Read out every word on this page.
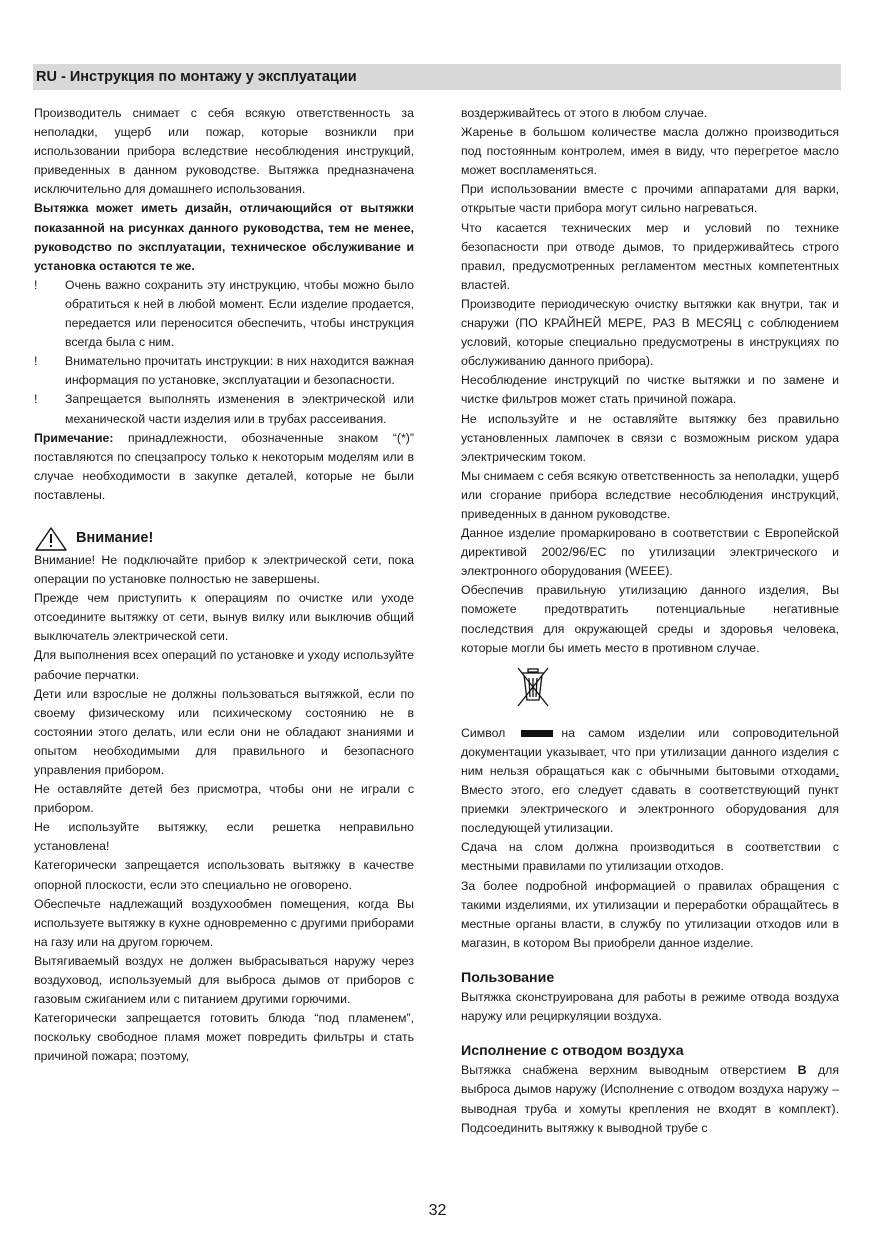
RU - Инструкция по монтажу у эксплуатации

Производитель снимает с себя всякую ответственность за неполадки, ущерб или пожар, которые возникли при использовании прибора вследствие несоблюдения инструкций, приведенных в данном руководстве. Вытяжка предназначена исключительно для домашнего использования.

Вытяжка может иметь дизайн, отличающийся от вытяжки показанной на рисунках данного руководства, тем не менее, руководство по эксплуатации, техническое обслуживание и установка остаются те же.

! Очень важно сохранить эту инструкцию, чтобы можно было обратиться к ней в любой момент. Если изделие продается, передается или переносится обеспечить, чтобы инструкция всегда была с ним.

! Внимательно прочитать инструкции: в них находится важная информация по установке, эксплуатации и безопасности.

! Запрещается выполнять изменения в электрической или механической части изделия или в трубах рассеивания.

Примечание: принадлежности, обозначенные знаком “(*)” поставляются по спецзапросу только к некоторым моделям или в случае необходимости в закупке деталей, которые не были поставлены.

Внимание!

Внимание! Не подключайте прибор к электрической сети, пока операции по установке полностью не завершены.

Прежде чем приступить к операциям по очистке или уходе отсоедините вытяжку от сети, вынув вилку или выключив общий выключатель электрической сети.

Для выполнения всех операций по установке и уходу используйте рабочие перчатки.

Дети или взрослые не должны пользоваться вытяжкой, если по своему физическому или психическому состоянию не в состоянии этого делать, или если они не обладают знаниями и опытом необходимыми для правильного и безопасного управления прибором.

Не оставляйте детей без присмотра, чтобы они не играли с прибором.

Не используйте вытяжку, если решетка неправильно установлена!

Категорически запрещается использовать вытяжку в качестве опорной плоскости, если это специально не оговорено.

Обеспечьте надлежащий воздухообмен помещения, когда Вы используете вытяжку в кухне одновременно с другими приборами на газу или на другом горючем.

Вытягиваемый воздух не должен выбрасываться наружу через воздуховод, используемый для выброса дымов от приборов с газовым сжиганием или с питанием другими горючими.

Категорически запрещается готовить блюда “под пламенем”, поскольку свободное пламя может повредить фильтры и стать причиной пожара; поэтому,

воздерживайтесь от этого в любом случае.

Жаренье в большом количестве масла должно производиться под постоянным контролем, имея в виду, что перегретое масло может воспламеняться.

При использовании вместе с прочими аппаратами для варки, открытые части прибора могут сильно нагреваться.

Что касается технических мер и условий по технике безопасности при отводе дымов, то придерживайтесь строго правил, предусмотренных регламентом местных компетентных властей.

Производите периодическую очистку вытяжки как внутри, так и снаружи (ПО КРАЙНЕЙ МЕРЕ, РАЗ В МЕСЯЦ с соблюдением условий, которые специально предусмотрены в инструкциях по обслуживанию данного прибора).

Несоблюдение инструкций по чистке вытяжки и по замене и чистке фильтров может стать причиной пожара.

Не используйте и не оставляйте вытяжку без правильно установленных лампочек в связи с возможным риском удара электрическим током.

Мы снимаем с себя всякую ответственность за неполадки, ущерб или сгорание прибора вследствие несоблюдения инструкций, приведенных в данном руководстве.

Данное изделие промаркировано в соответствии с Европейской директивой 2002/96/EC по утилизации электрического и электронного оборудования (WEEE).

Обеспечив правильную утилизацию данного изделия, Вы поможете предотвратить потенциальные негативные последствия для окружающей среды и здоровья человека, которые могли бы иметь место в противном случае.

Символ	на самом изделии или сопроводительной документации указывает, что при утилизации данного изделия с ним нельзя обращаться как с обычными бытовыми отходами. Вместо этого, его следует сдавать в соответствующий пункт приемки электрического и электронного оборудования для последующей утилизации.

Сдача на слом должна производиться в соответствии с местными правилами по утилизации отходов.

За более подробной информацией о правилах обращения с такими изделиями, их утилизации и переработки обращайтесь в местные органы власти, в службу по утилизации отходов или в магазин, в котором Вы приобрели данное изделие.

Пользование

Вытяжка сконструирована для работы в режиме отвода воздуха наружу или рециркуляции воздуха.

Исполнение с отводом воздуха

Вытяжка снабжена верхним выводным отверстием B для выброса дымов наружу (Исполнение с отводом воздуха наружу – выводная труба и хомуты крепления не входят в комплект). Подсоединить вытяжку к выводной трубе с

32
